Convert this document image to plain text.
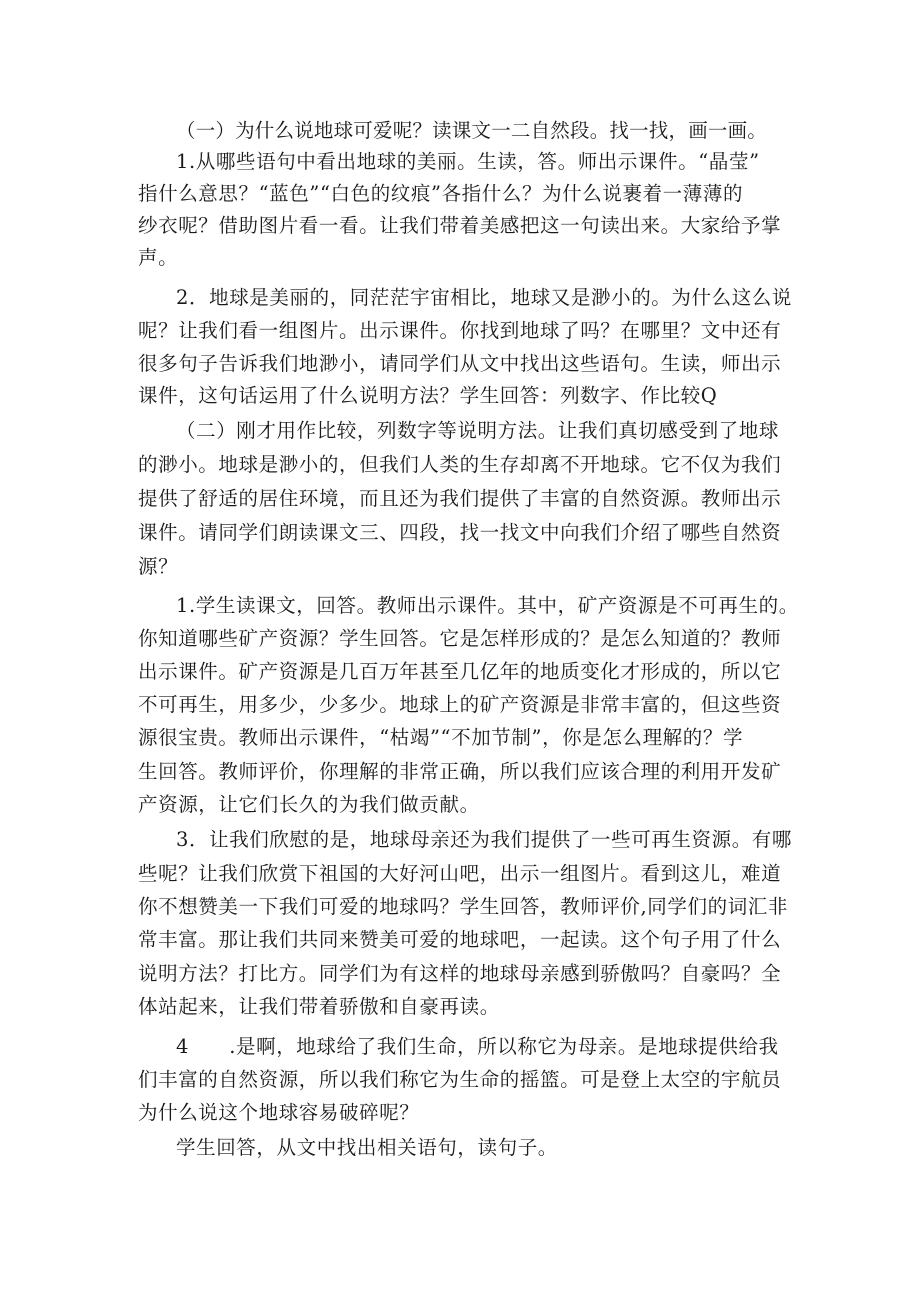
（一）为什么说地球可爱呢？读课文一二自然段。找一找，画一画。
1.从哪些语句中看出地球的美丽。生读，答。师出示课件。“晶莹”
指什么意思？“蓝色”“白色的纹痕”各指什么？为什么说裹着一薄薄的
纱衣呢？借助图片看一看。让我们带着美感把这一句读出来。大家给予掌
声。
2．地球是美丽的，同茫茫宇宙相比，地球又是渺小的。为什么这么说
呢？让我们看一组图片。出示课件。你找到地球了吗？在哪里？文中还有
很多句子告诉我们地渺小，请同学们从文中找出这些语句。生读，师出示
课件，这句话运用了什么说明方法？学生回答：列数字、作比较Q
（二）刚才用作比较，列数字等说明方法。让我们真切感受到了地球
的渺小。地球是渺小的，但我们人类的生存却离不开地球。它不仅为我们
提供了舒适的居住环境，而且还为我们提供了丰富的自然资源。教师出示
课件。请同学们朗读课文三、四段，找一找文中向我们介绍了哪些自然资
源？
1.学生读课文，回答。教师出示课件。其中，矿产资源是不可再生的。
你知道哪些矿产资源？学生回答。它是怎样形成的？是怎么知道的？教师
出示课件。矿产资源是几百万年甚至几亿年的地质变化才形成的，所以它
不可再生，用多少，少多少。地球上的矿产资源是非常丰富的，但这些资
源很宝贵。教师出示课件，“枯竭”“不加节制”，你是怎么理解的？学
生回答。教师评价，你理解的非常正确，所以我们应该合理的利用开发矿
产资源，让它们长久的为我们做贡献。
3．让我们欣慰的是，地球母亲还为我们提供了一些可再生资源。有哪
些呢？让我们欣赏下祖国的大好河山吧，出示一组图片。看到这儿，难道
你不想赞美一下我们可爱的地球吗？学生回答，教师评价,同学们的词汇非
常丰富。那让我们共同来赞美可爱的地球吧，一起读。这个句子用了什么
说明方法？打比方。同学们为有这样的地球母亲感到骄傲吗？自豪吗？全
体站起来，让我们带着骄傲和自豪再读。
4　　.是啊，地球给了我们生命，所以称它为母亲。是地球提供给我
们丰富的自然资源，所以我们称它为生命的摇篮。可是登上太空的宇航员
为什么说这个地球容易破碎呢？
学生回答，从文中找出相关语句，读句子。
